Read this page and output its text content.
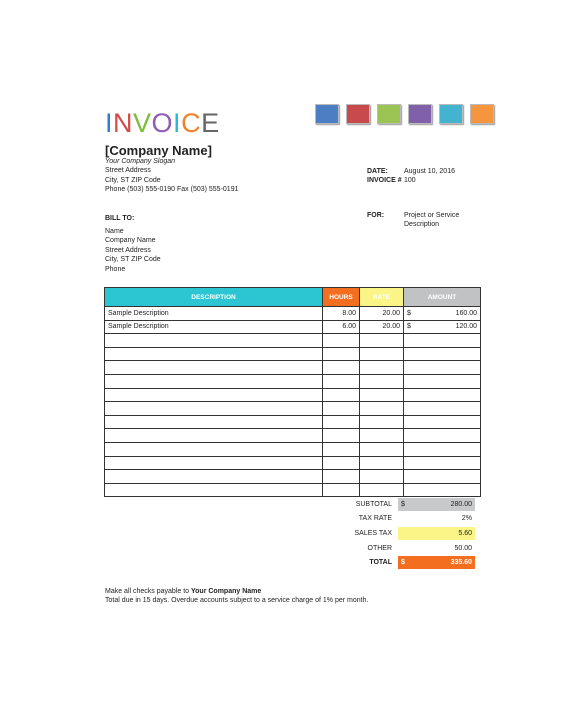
INVOICE
[Company Name]
Your Company Slogan
Street Address
City, ST ZIP Code
Phone (503) 555-0190 Fax (503) 555-0191
DATE:	August 10, 2016
INVOICE # 100
FOR:	Project or Service
Description
BILL TO:
Name
Company Name
Street Address
City, ST ZIP Code
Phone
DESCRIPTION	HOURS	RATE	AMOUNT
Sample Description	8.00	20.00	$ 160.00

Sample Description	6.00	20.00	$ 120.00

SUBTOTAL	$	280.00
TAX RATE	2%
SALES TAX	5.60
OTHER	50.00
TOTAL	$	335.60
Make all checks payable to Your Company Name
Total due in 15 days. Overdue accounts subject to a service charge of 1% per month.
